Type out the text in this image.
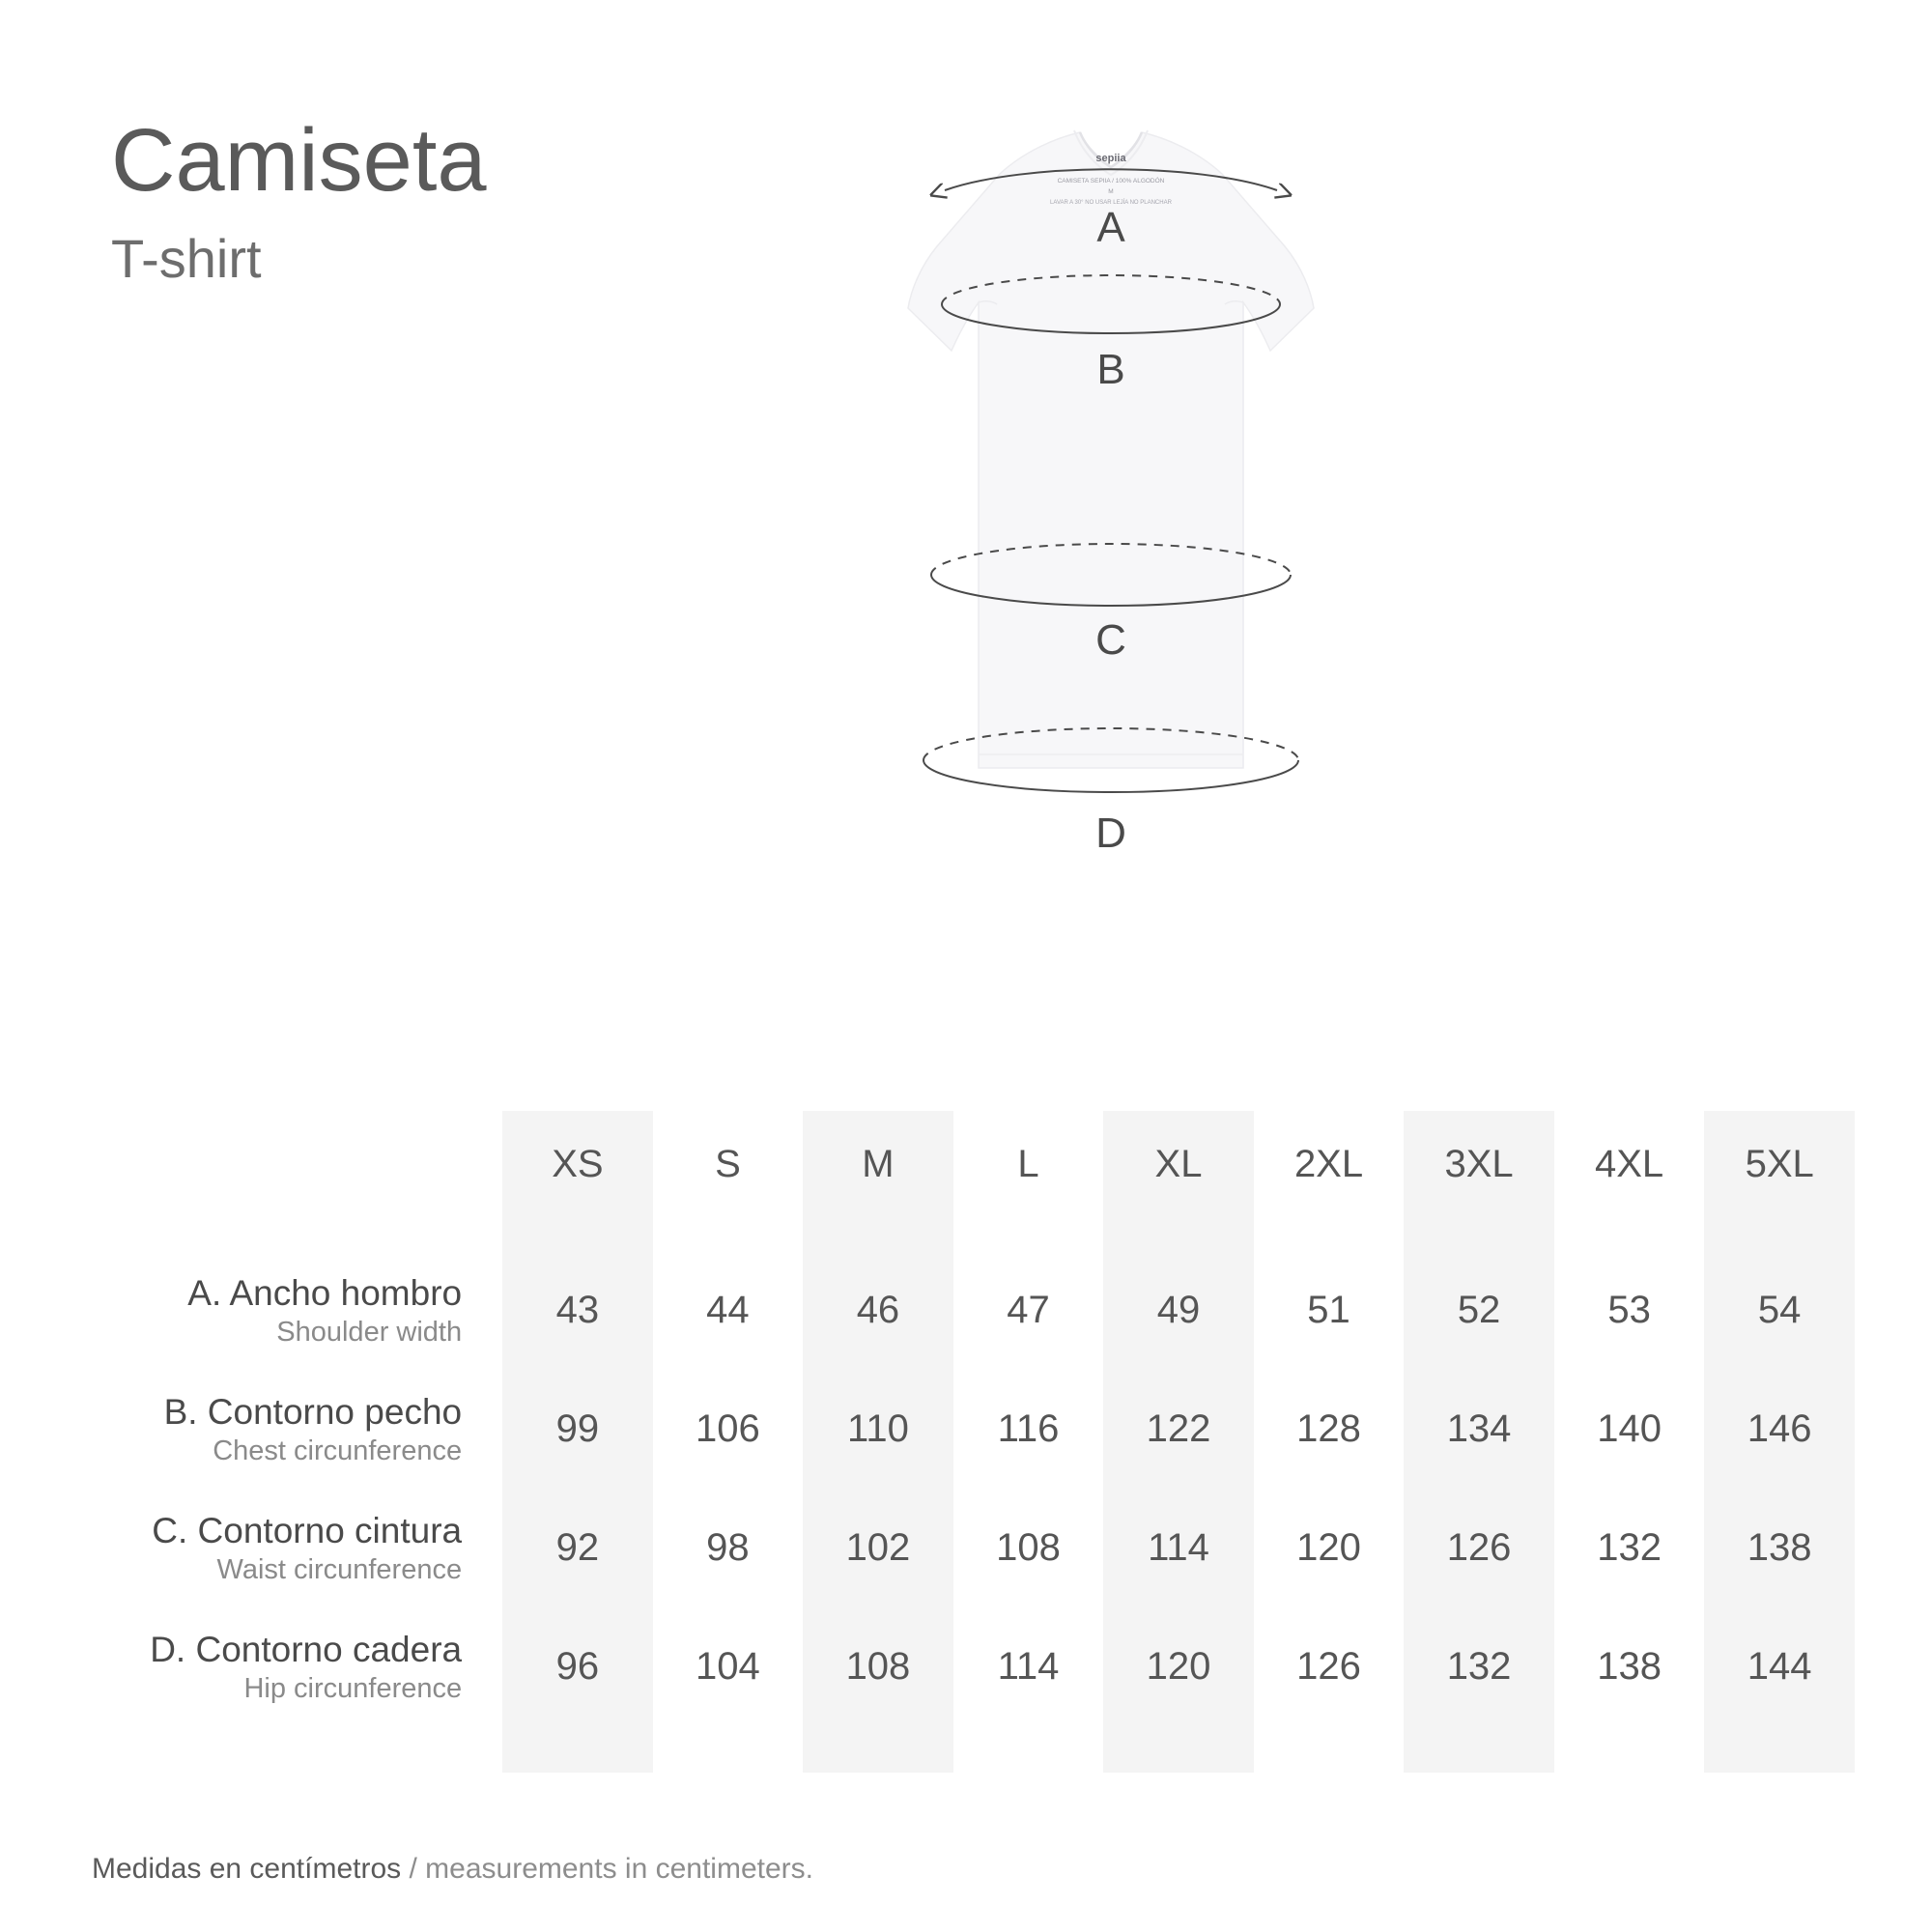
Camiseta
T-shirt
sepiia
CAMISETA SEPIIA / 100% ALGODÓN
M
LAVAR A 30° NO USAR LEJÍA NO PLANCHAR
A
B
C
D
	XS	S	M	L	XL	2XL	3XL	4XL	5XL

A. Ancho hombro
Shoulder width	43	44	46	47	49	51	52	53	54

B. Contorno pecho
Chest circunference	99	106	110	116	122	128	134	140	146

C. Contorno cintura
Waist circunference	92	98	102	108	114	120	126	132	138

D. Contorno cadera
Hip circunference	96	104	108	114	120	126	132	138	144

Medidas en centímetros / measurements in centimeters.
